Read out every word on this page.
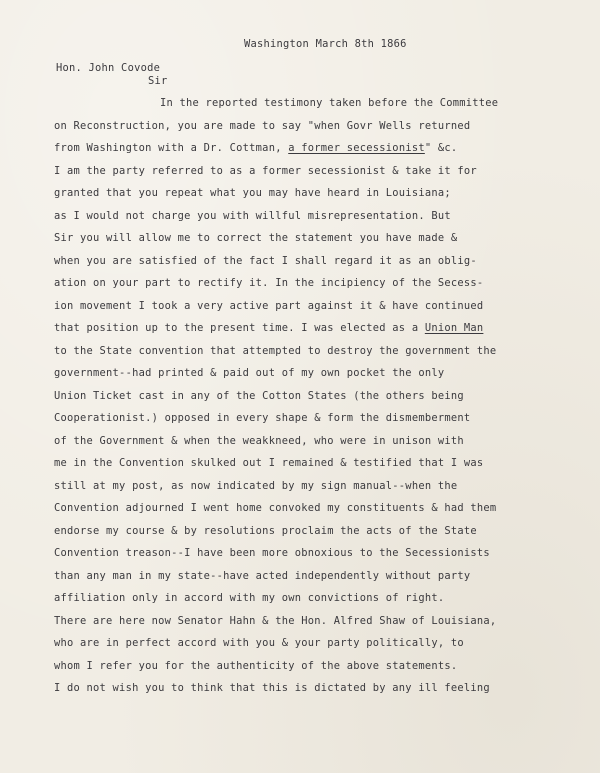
Washington March 8th 1866
Hon. John Covode
Sir
In the reported testimony taken before the Committee
on Reconstruction, you are made to say "when Govr Wells returned
from Washington with a Dr. Cottman, a former secessionist" &c.
I am the party referred to as a former secessionist & take it for
granted that you repeat what you may have heard in Louisiana;
as I would not charge you with willful misrepresentation. But
Sir you will allow me to correct the statement you have made &
when you are satisfied of the fact I shall regard it as an oblig-
ation on your part to rectify it. In the incipiency of the Secess-
ion movement I took a very active part against it & have continued
that position up to the present time. I was elected as a Union Man
to the State convention that attempted to destroy the government the
government--had printed & paid out of my own pocket the only
Union Ticket cast in any of the Cotton States (the others being
Cooperationist.) opposed in every shape & form the dismemberment
of the Government & when the weakkneed, who were in unison with
me in the Convention skulked out I remained & testified that I was
still at my post, as now indicated by my sign manual--when the
Convention adjourned I went home convoked my constituents & had them
endorse my course & by resolutions proclaim the acts of the State
Convention treason--I have been more obnoxious to the Secessionists
than any man in my state--have acted independently without party
affiliation only in accord with my own convictions of right.
There are here now Senator Hahn & the Hon. Alfred Shaw of Louisiana,
who are in perfect accord with you & your party politically, to
whom I refer you for the authenticity of the above statements.
I do not wish you to think that this is dictated by any ill feeling
